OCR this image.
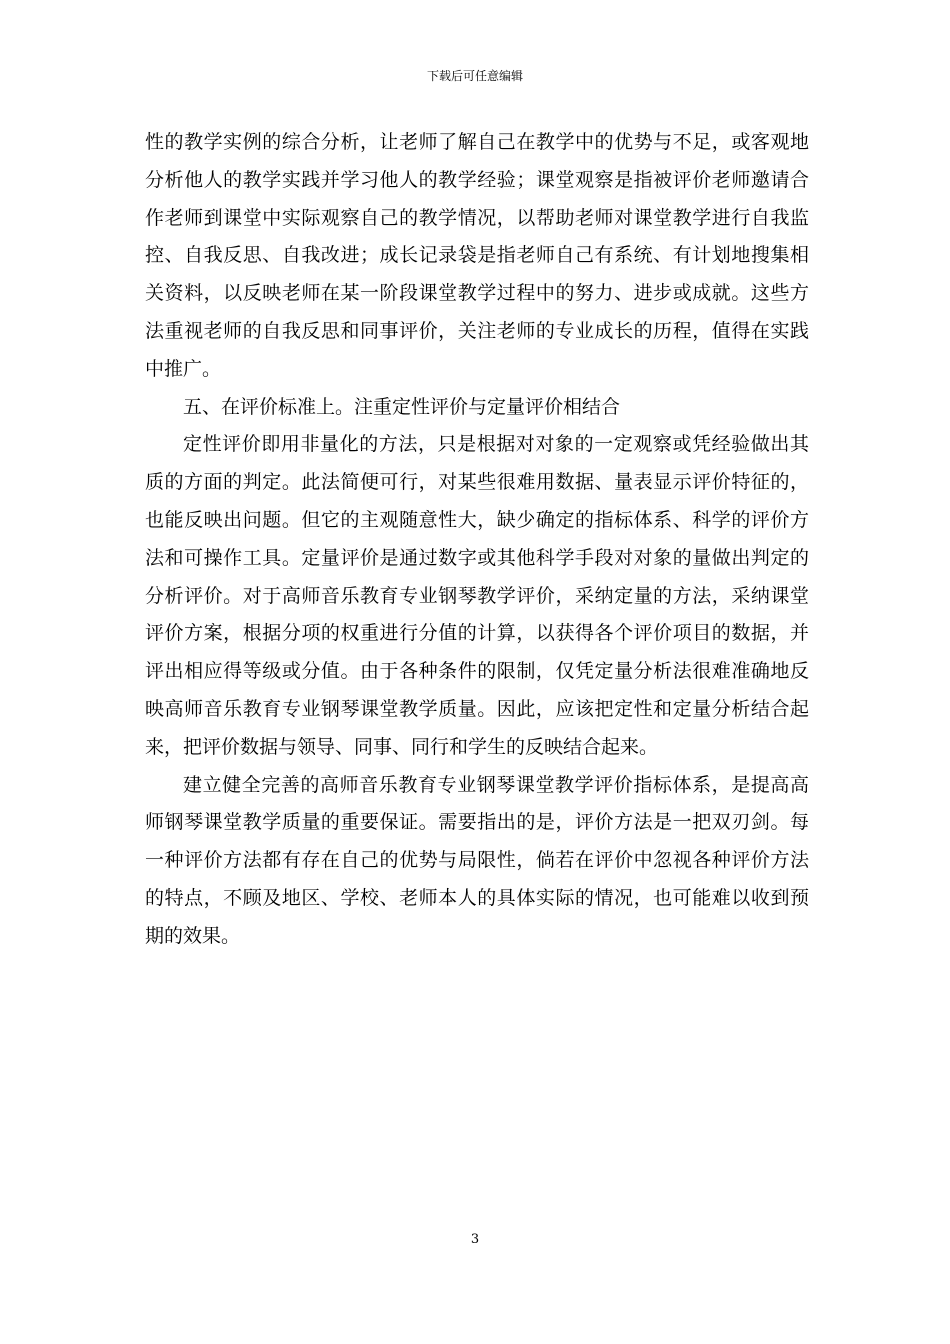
下载后可任意编辑

性的教学实例的综合分析，让老师了解自己在教学中的优势与不足，或客观地分析他人的教学实践并学习他人的教学经验；课堂观察是指被评价老师邀请合作老师到课堂中实际观察自己的教学情况，以帮助老师对课堂教学进行自我监控、自我反思、自我改进；成长记录袋是指老师自己有系统、有计划地搜集相关资料，以反映老师在某一阶段课堂教学过程中的努力、进步或成就。这些方法重视老师的自我反思和同事评价，关注老师的专业成长的历程，值得在实践中推广。

五、在评价标准上。注重定性评价与定量评价相结合

定性评价即用非量化的方法，只是根据对对象的一定观察或凭经验做出其质的方面的判定。此法简便可行，对某些很难用数据、量表显示评价特征的，也能反映出问题。但它的主观随意性大，缺少确定的指标体系、科学的评价方法和可操作工具。定量评价是通过数字或其他科学手段对对象的量做出判定的分析评价。对于高师音乐教育专业钢琴教学评价，采纳定量的方法，采纳课堂评价方案，根据分项的权重进行分值的计算，以获得各个评价项目的数据，并评出相应得等级或分值。由于各种条件的限制，仅凭定量分析法很难准确地反映高师音乐教育专业钢琴课堂教学质量。因此，应该把定性和定量分析结合起来，把评价数据与领导、同事、同行和学生的反映结合起来。

建立健全完善的高师音乐教育专业钢琴课堂教学评价指标体系，是提高高师钢琴课堂教学质量的重要保证。需要指出的是，评价方法是一把双刃剑。每一种评价方法都有存在自己的优势与局限性，倘若在评价中忽视各种评价方法的特点，不顾及地区、学校、老师本人的具体实际的情况，也可能难以收到预期的效果。

3
